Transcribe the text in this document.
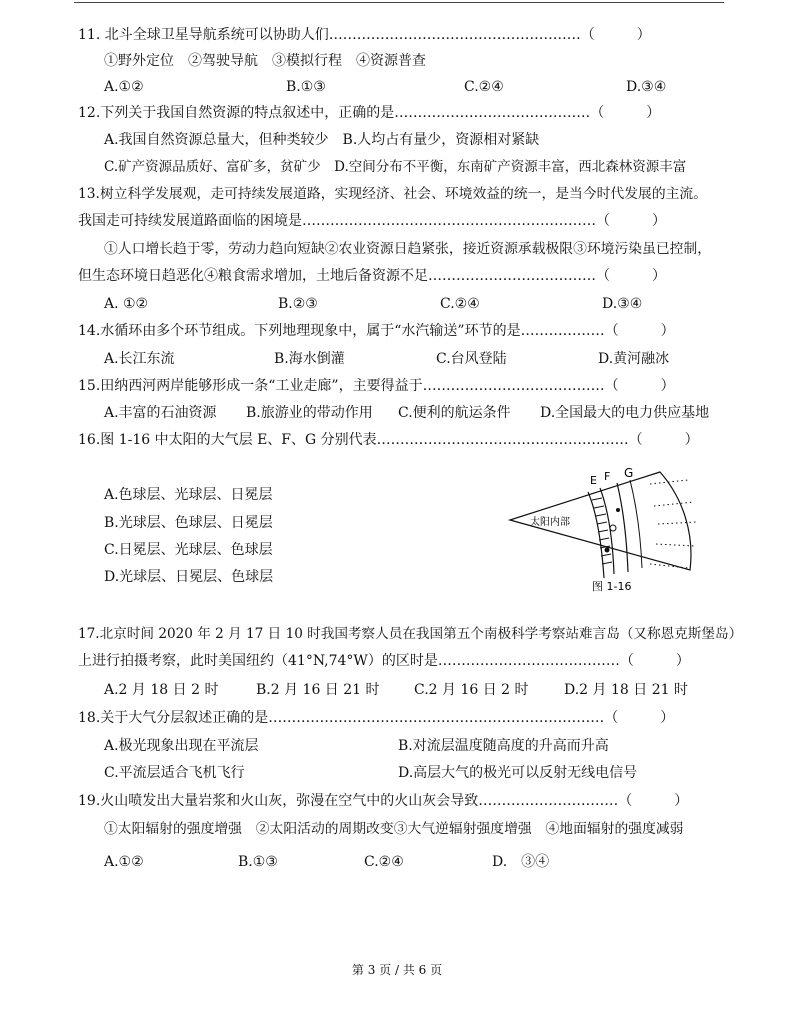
11. 北斗全球卫星导航系统可以协助人们………………………………………………（　　　）
①野外定位　②驾驶导航　③模拟行程　④资源普查
A.①②	B.①③	C.②④	D.③④
12.下列关于我国自然资源的特点叙述中，正确的是……………………………………（　　　）
A.我国自然资源总量大，但种类较少　B.人均占有量少，资源相对紧缺
C.矿产资源品质好、富矿多，贫矿少　D.空间分布不平衡，东南矿产资源丰富，西北森林资源丰富
13.树立科学发展观，走可持续发展道路，实现经济、社会、环境效益的统一，是当今时代发展的主流。
我国走可持续发展道路面临的困境是………………………………………………………（　　　）
①人口增长趋于零，劳动力趋向短缺②农业资源日趋紧张，接近资源承载极限③环境污染虽已控制，
但生态环境日趋恶化④粮食需求增加，土地后备资源不足………………………………（　　　）
A. ①②	B.②③	C.②④	D.③④
14.水循环由多个环节组成。下列地理现象中，属于“水汽输送”环节的是………………（　　　）
A.长江东流	B.海水倒灌	C.台风登陆	D.黄河融冰
15.田纳西河两岸能够形成一条“工业走廊”，主要得益于…………………………………（　　　）
A.丰富的石油资源 B.旅游业的带动作用 C.便利的航运条件 D.全国最大的电力供应基地
16.图 1-16 中太阳的大气层 E、F、G 分别代表………………………………………………（　　　）
A.色球层、光球层、日冕层
B.光球层、色球层、日冕层
C.日冕层、光球层、色球层
D.光球层、日冕层、色球层
E F G
太阳内部
图 1-16
17.北京时间 2020 年 2 月 17 日 10 时我国考察人员在我国第五个南极科学考察站难言岛（又称恩克斯堡岛）
上进行拍摄考察，此时美国纽约（41°N,74°W）的区时是…………………………………（　　　）
A.2 月 18 日 2 时	B.2 月 16 日 21 时 C.2 月 16 日 2 时	D.2 月 18 日 21 时
18.关于大气分层叙述正确的是………………………………………………………………（　　　）
A.极光现象出现在平流层	B.对流层温度随高度的升高而升高
C.平流层适合飞机飞行	D.高层大气的极光可以反射无线电信号
19.火山喷发出大量岩浆和火山灰，弥漫在空气中的火山灰会导致…………………………（　　　）
①太阳辐射的强度增强　②太阳活动的周期改变③大气逆辐射强度增强　④地面辐射的强度减弱
A.①②	B.①③	C.②④	D.　③④
第 3 页 / 共 6 页
